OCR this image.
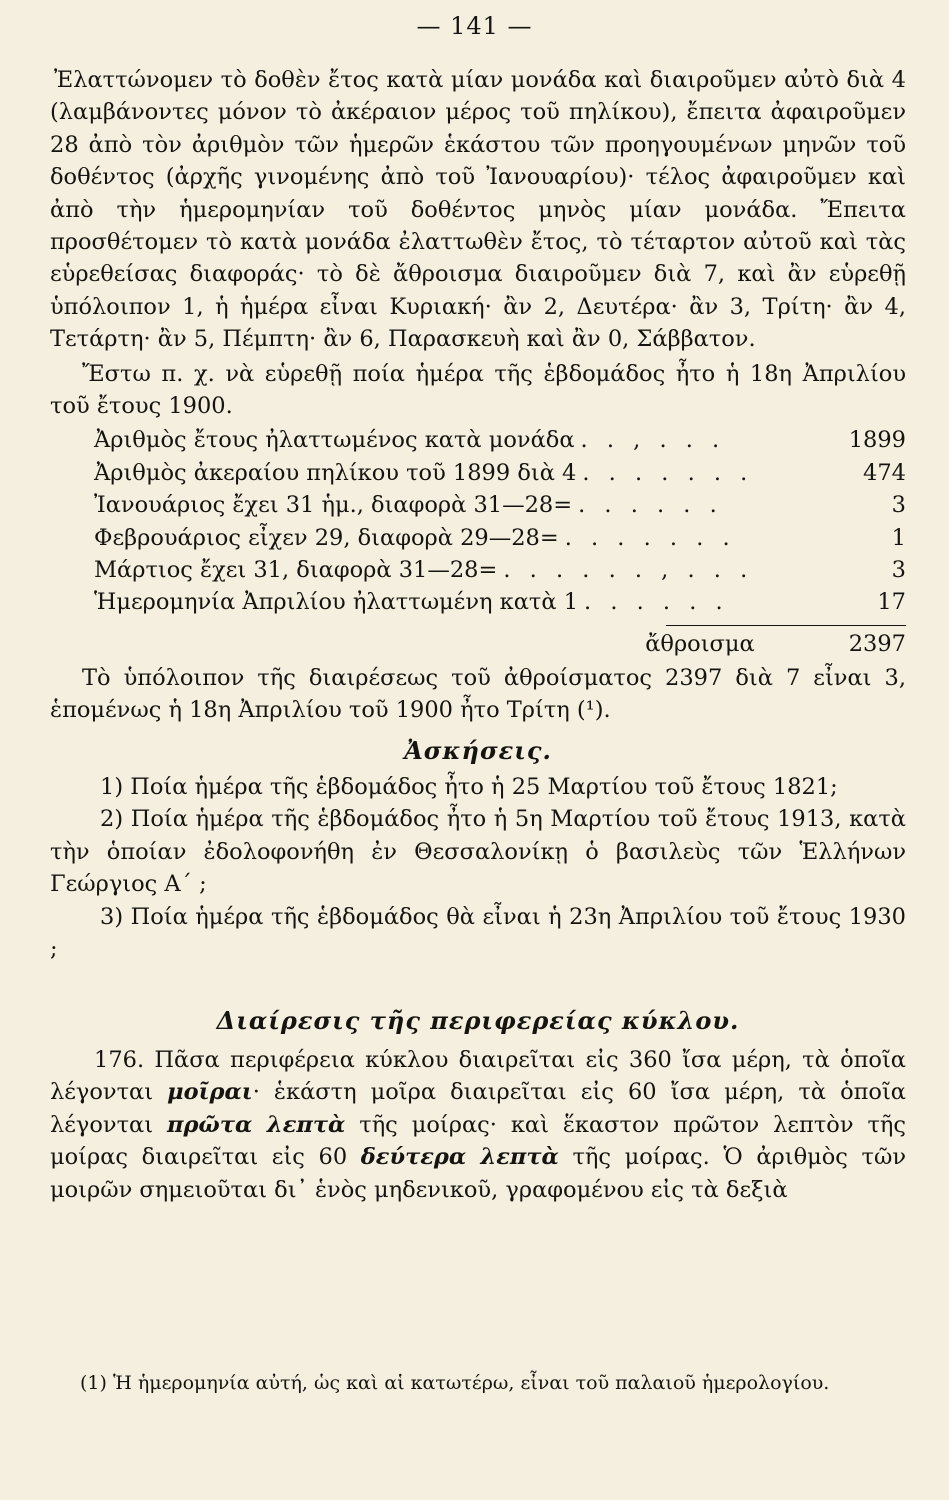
— 141 —

Ἐλαττώνομεν τὸ δοθὲν ἔτος κατὰ μίαν μονάδα καὶ διαιροῦμεν αὐτὸ διὰ 4 (λαμβάνοντες μόνον τὸ ἀκέραιον μέρος τοῦ πηλίκου), ἔπειτα ἀφαιροῦμεν 28 ἀπὸ τὸν ἀριθμὸν τῶν ἡμερῶν ἑκάστου τῶν προηγουμένων μηνῶν τοῦ δοθέντος (ἀρχῆς γινομένης ἀπὸ τοῦ Ἰανουαρίου)· τέλος ἀφαιροῦμεν καὶ ἀπὸ τὴν ἡμερομηνίαν τοῦ δοθέντος μηνὸς μίαν μονάδα. Ἔπειτα προσθέτομεν τὸ κατὰ μονάδα ἐλαττωθὲν ἔτος, τὸ τέταρτον αὐτοῦ καὶ τὰς εὑρεθείσας διαφοράς· τὸ δὲ ἄθροισμα διαιροῦμεν διὰ 7, καὶ ἂν εὑρεθῇ ὑπόλοιπον 1, ἡ ἡμέρα εἶναι Κυριακή· ἂν 2, Δευτέρα· ἂν 3, Τρίτη· ἂν 4, Τετάρτη· ἂν 5, Πέμπτη· ἂν 6, Παρασκευὴ καὶ ἂν 0, Σάββατον.

Ἔστω π. χ. νὰ εὑρεθῇ ποία ἡμέρα τῆς ἑβδομάδος ἦτο ἡ 18η Ἀπριλίου τοῦ ἔτους 1900.

Ἀριθμὸς ἔτους ἠλαττωμένος κατὰ μονάδα . . , . . .	1899
Ἀριθμὸς ἀκεραίου πηλίκου τοῦ 1899 διὰ 4 . . . . . . .	474
Ἰανουάριος ἔχει 31 ἡμ., διαφορὰ 31—28= . . . . . .	3
Φεβρουάριος εἶχεν 29, διαφορὰ 29—28= . . . . . . .	1
Μάρτιος ἔχει 31, διαφορὰ 31—28= . . . . . . , . . .	3
Ἡμερομηνία Ἀπριλίου ἠλαττωμένη κατὰ 1 . . . . . .	17
ἄθροισμα	2397

Τὸ ὑπόλοιπον τῆς διαιρέσεως τοῦ ἀθροίσματος 2397 διὰ 7 εἶναι 3, ἑπομένως ἡ 18η Ἀπριλίου τοῦ 1900 ἦτο Τρίτη (¹).

Ἀσκήσεις.

1) Ποία ἡμέρα τῆς ἑβδομάδος ἦτο ἡ 25 Μαρτίου τοῦ ἔτους 1821;

2) Ποία ἡμέρα τῆς ἑβδομάδος ἦτο ἡ 5η Μαρτίου τοῦ ἔτους 1913, κατὰ τὴν ὁποίαν ἐδολοφονήθη ἐν Θεσσαλονίκῃ ὁ βασιλεὺς τῶν Ἑλλήνων Γεώργιος Α΄ ;

3) Ποία ἡμέρα τῆς ἑβδομάδος θὰ εἶναι ἡ 23η Ἀπριλίου τοῦ ἔτους 1930 ;

Διαίρεσις τῆς περιφερείας κύκλου.

176. Πᾶσα περιφέρεια κύκλου διαιρεῖται εἰς 360 ἴσα μέρη, τὰ ὁποῖα λέγονται μοῖραι· ἑκάστη μοῖρα διαιρεῖται εἰς 60 ἴσα μέρη, τὰ ὁποῖα λέγονται πρῶτα λεπτὰ τῆς μοίρας· καὶ ἕκαστον πρῶτον λεπτὸν τῆς μοίρας διαιρεῖται εἰς 60 δεύτερα λεπτὰ τῆς μοίρας. Ὁ ἀριθμὸς τῶν μοιρῶν σημειοῦται δι᾽ ἑνὸς μηδενικοῦ, γραφομένου εἰς τὰ δεξιὰ

(1) Ἡ ἡμερομηνία αὐτή, ὡς καὶ αἱ κατωτέρω, εἶναι τοῦ παλαιοῦ ἡμερολογίου.
